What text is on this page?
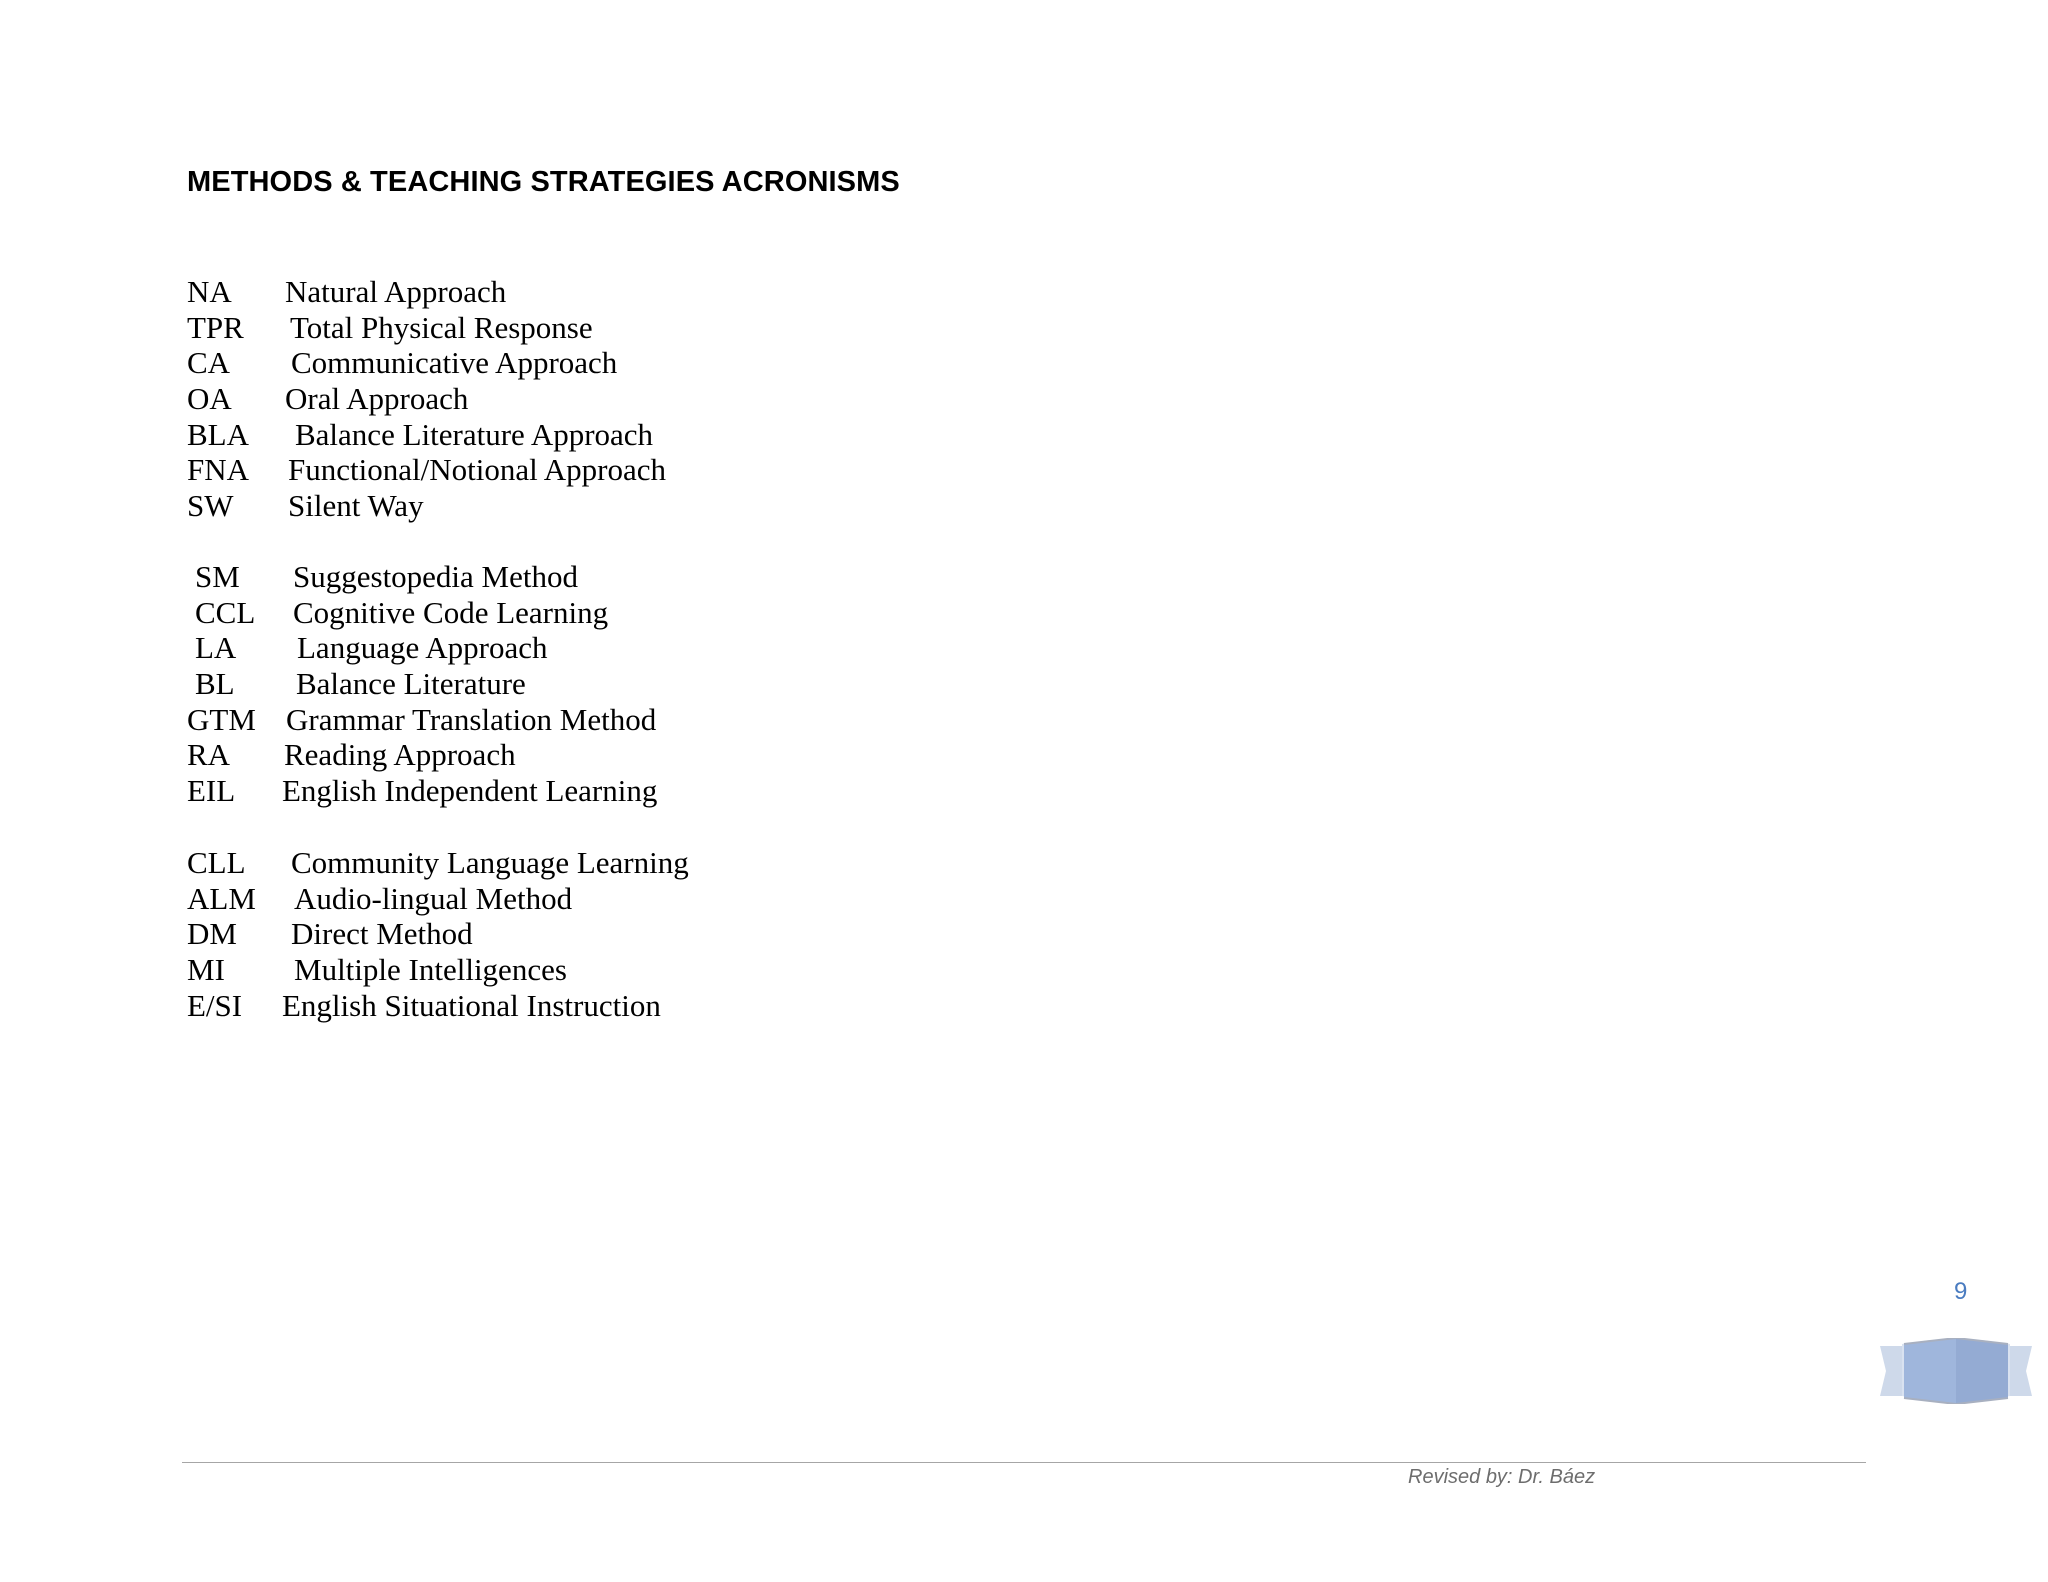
METHODS & TEACHING STRATEGIES ACRONISMS
NA Natural Approach
TPR Total Physical Response
CA Communicative Approach
OA Oral Approach
BLA Balance Literature Approach
FNA Functional/Notional Approach
SW Silent Way
SM Suggestopedia Method
CCL Cognitive Code Learning
LA Language Approach
BL Balance Literature
GTM Grammar Translation Method
RA Reading Approach
EIL English Independent Learning
CLL Community Language Learning
ALM Audio-lingual Method
DM Direct Method
MI Multiple Intelligences
E/SI English Situational Instruction
9
Revised by: Dr. Báez
